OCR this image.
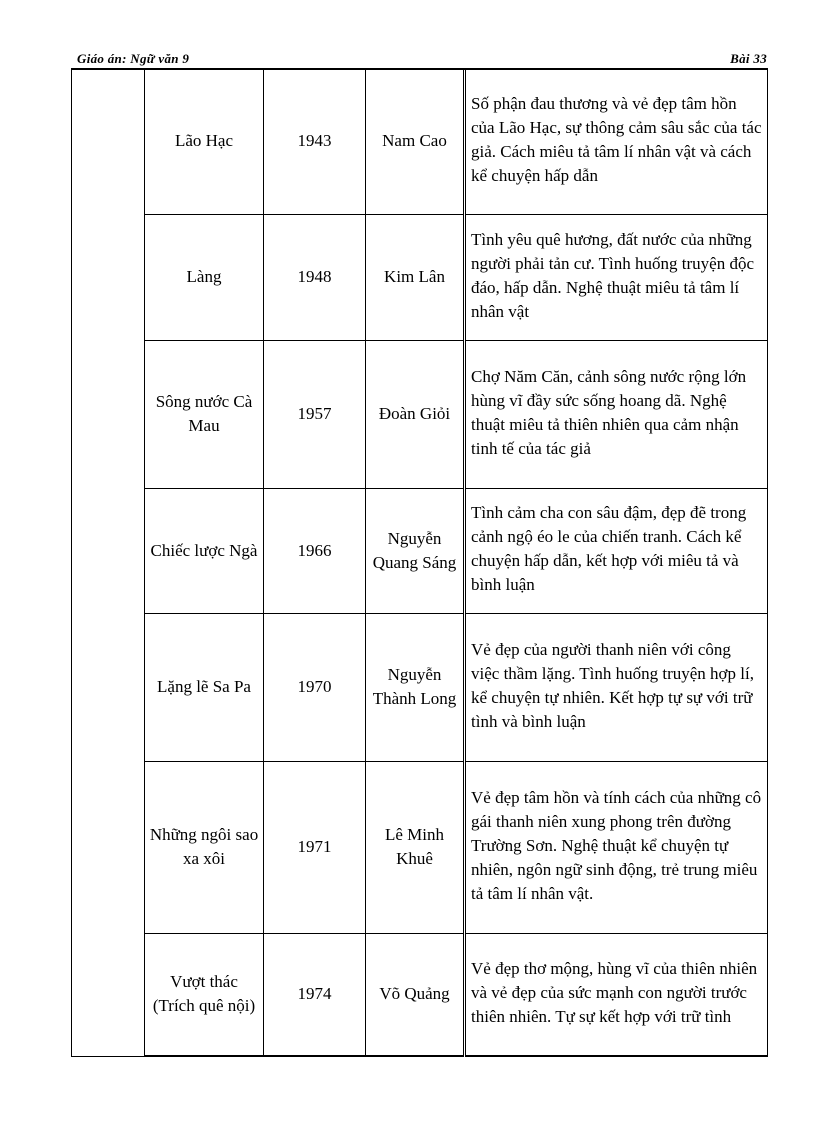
Giáo án: Ngữ văn 9	Bài 33
	Lão Hạc	1943	Nam Cao	Số phận đau thương và vẻ đẹp tâm hồn của Lão Hạc, sự thông cảm sâu sắc của tác giả. Cách miêu tả tâm lí nhân vật và cách kể chuyện hấp dẫn

	Làng	1948	Kim Lân	Tình yêu quê hương, đất nước của những người phải tản cư. Tình huống truyện độc đáo, hấp dẫn. Nghệ thuật miêu tả tâm lí nhân vật

	Sông nước Cà Mau	1957	Đoàn Giỏi	Chợ Năm Căn, cảnh sông nước rộng lớn hùng vĩ đầy sức sống hoang dã. Nghệ thuật miêu tả thiên nhiên qua cảm nhận tinh tế của tác giả

	Chiếc lược Ngà	1966	Nguyễn Quang Sáng	Tình cảm cha con sâu đậm, đẹp đẽ trong cảnh ngộ éo le của chiến tranh. Cách kể chuyện hấp dẫn, kết hợp với miêu tả và bình luận

	Lặng lẽ Sa Pa	1970	Nguyễn Thành Long	Vẻ đẹp của người thanh niên với công việc thầm lặng. Tình huống truyện hợp lí, kể chuyện tự nhiên. Kết hợp tự sự với trữ tình và bình luận

	Những ngôi sao xa xôi	1971	Lê Minh Khuê	Vẻ đẹp tâm hồn và tính cách của những cô gái thanh niên xung phong trên đường Trường Sơn. Nghệ thuật kể chuyện tự nhiên, ngôn ngữ sinh động, trẻ trung miêu tả tâm lí nhân vật.

	Vượt thác (Trích quê nội)	1974	Võ Quảng	Vẻ đẹp thơ mộng, hùng vĩ của thiên nhiên và vẻ đẹp của sức mạnh con người trước thiên nhiên. Tự sự kết hợp với trữ tình
